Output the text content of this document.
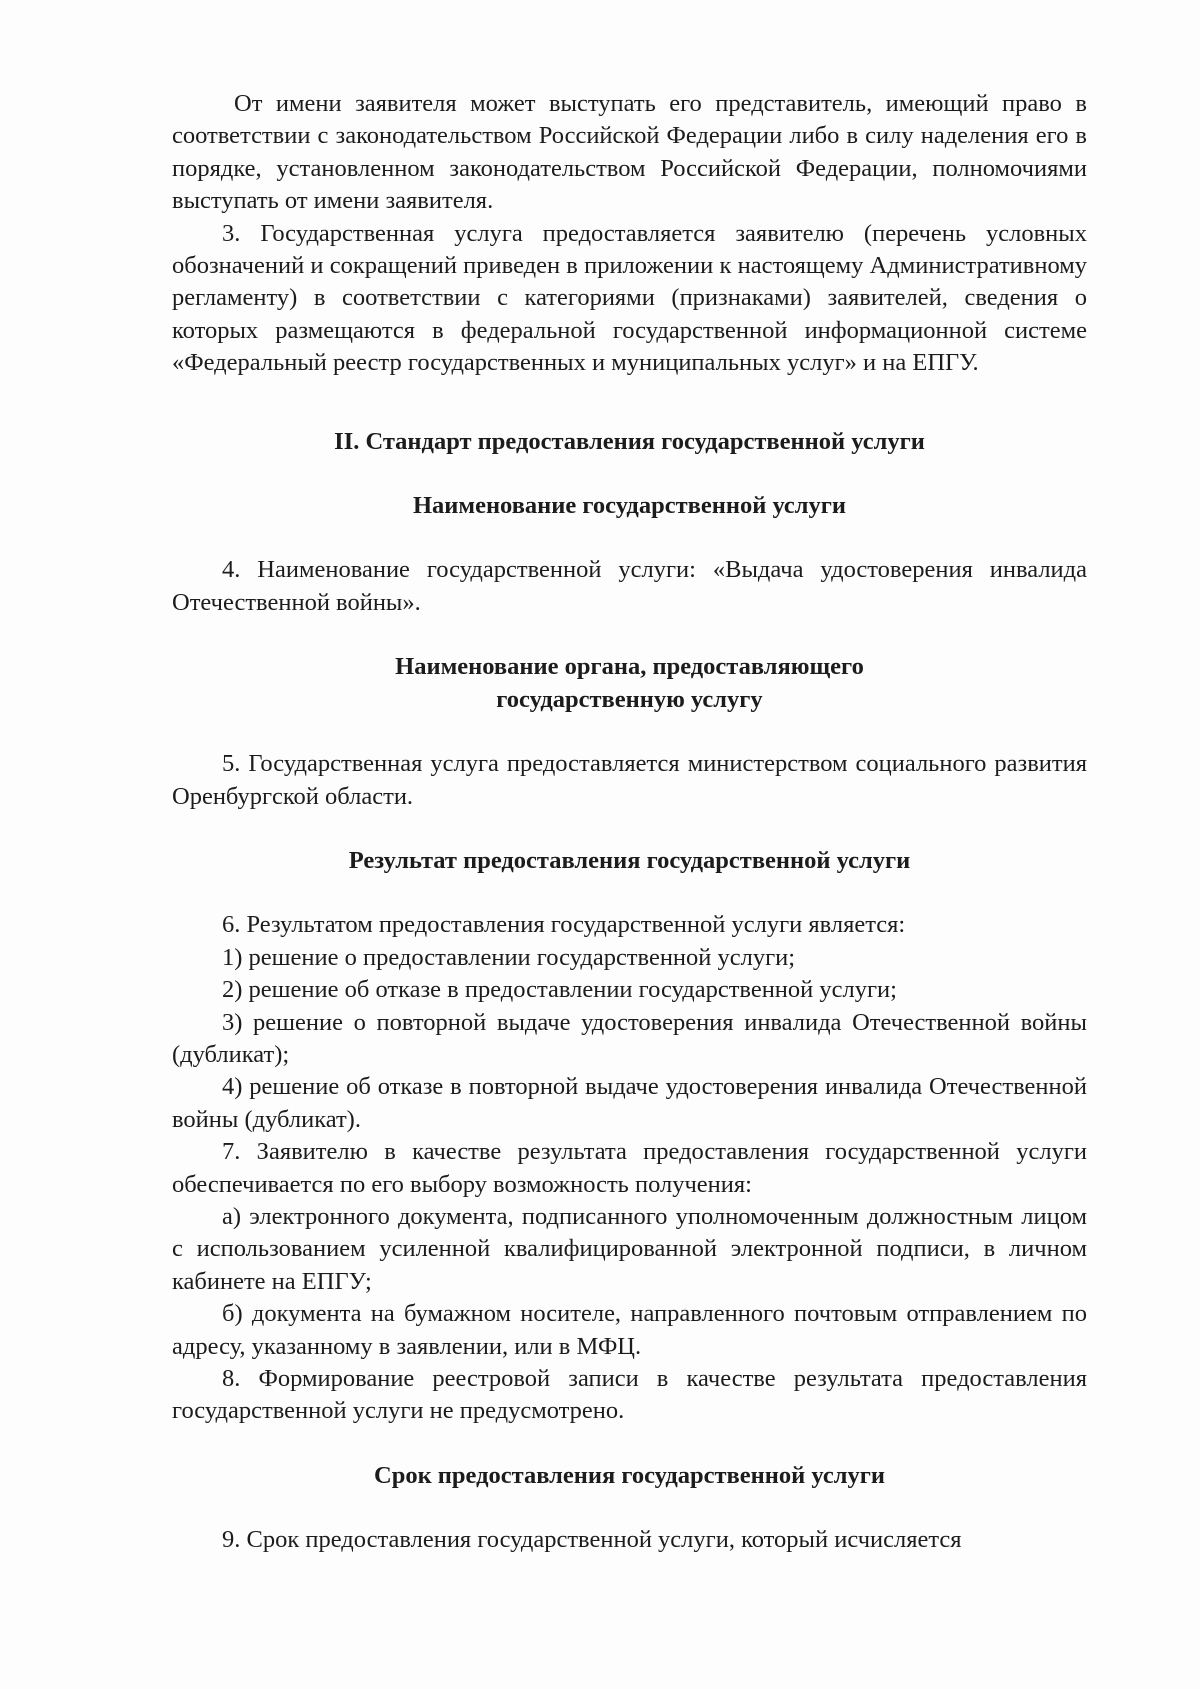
От имени заявителя может выступать его представитель, имеющий право в соответствии с законодательством Российской Федерации либо в силу наделения его в порядке, установленном законодательством Российской Федерации, полномочиями выступать от имени заявителя.

3. Государственная услуга предоставляется заявителю (перечень условных обозначений и сокращений приведен в приложении к настоящему Административному регламенту) в соответствии с категориями (признаками) заявителей, сведения о которых размещаются в федеральной государственной информационной системе «Федеральный реестр государственных и муниципальных услуг» и на ЕПГУ.

II. Стандарт предоставления государственной услуги

Наименование государственной услуги

4. Наименование государственной услуги: «Выдача удостоверения инвалида Отечественной войны».

Наименование органа, предоставляющего
государственную услугу

5. Государственная услуга предоставляется министерством социального развития Оренбургской области.

Результат предоставления государственной услуги

6. Результатом предоставления государственной услуги является:

1) решение о предоставлении государственной услуги;

2) решение об отказе в предоставлении государственной услуги;

3) решение о повторной выдаче удостоверения инвалида Отечественной войны (дубликат);

4) решение об отказе в повторной выдаче удостоверения инвалида Отечественной войны (дубликат).

7. Заявителю в качестве результата предоставления государственной услуги обеспечивается по его выбору возможность получения:

а) электронного документа, подписанного уполномоченным должностным лицом с использованием усиленной квалифицированной электронной подписи, в личном кабинете на ЕПГУ;

б) документа на бумажном носителе, направленного почтовым отправлением по адресу, указанному в заявлении, или в МФЦ.

8. Формирование реестровой записи в качестве результата предоставления государственной услуги не предусмотрено.

Срок предоставления государственной услуги

9. Срок предоставления государственной услуги, который исчисляется
